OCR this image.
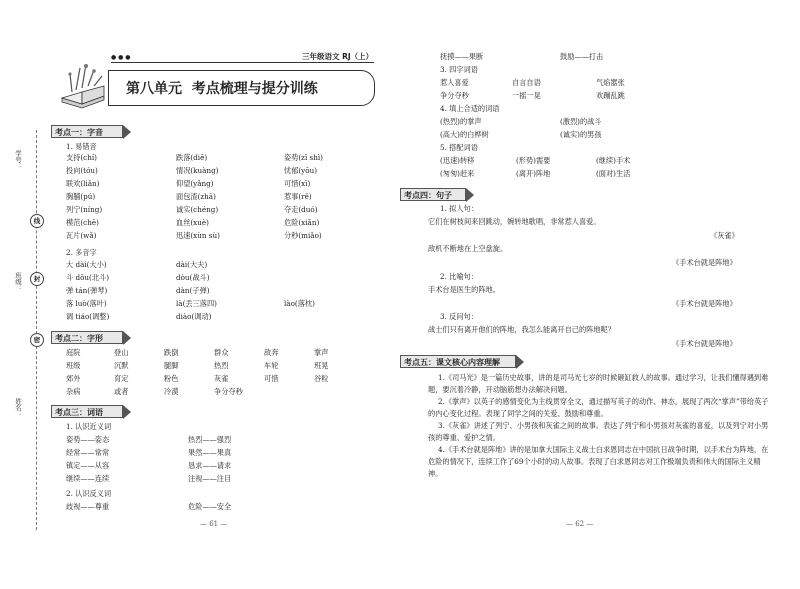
● ● ●	三年级语文 RJ（上）
第八单元  考点梳理与提分训练
线
封
密
学号：
班级：
姓名：
考点一：字音
1. 易错音
支持(chí)	跌落(diē)	姿势(zī shì)
投向(tóu)	情况(kuàng)	忧郁(yōu)
联欢(liǎn)	仰望(yǎng)	可惜(xī)
胸脯(pú)	面包渣(zhā)	惹事(rě)
列宁(níng)	诚实(chéng)	夺走(duó)
模范(chē)	血丝(xuè)	危险(xiǎn)
瓦片(wǎ)	迅速(xùn sù)	分秒(miǎo)
2. 多音字
大 dài(大小)	dài(大夫)
斗 dǒu(北斗)	dòu(战斗)
弹 tán(弹琴)	dàn(子弹)
落 luò(落叶)	là(丢三落四)	lào(落枕)
调 tiáo(调整)	diào(调动)
考点二：字形
庭院	登山	跌倒	群众	敌奔	掌声
班级	沉默	腿脚	热烈	车轮	班晃
郊外	育定	粉色	灰雀	可惜	谷粒
杂病	或者	冷漠	争分夺秒
考点三：词语
1. 认识近义词
姿势——姿态	热烈——强烈
经常——常常	果然——果真
镇定——从容	恳求——请求
继续——连续	注视——注目
2. 认识反义词
歧视——尊重	危险——安全
— 61 —
抚摸——果断	鼓励——打击
3. 四字词语
惹人喜爱	自言自语	气焰嚣张
争分夺秒	一摇一晃	欢蹦乱跳
4. 填上合适的词语
(热烈)的掌声	(激烈)的战斗
(高大)的白桦树	(诚实)的男孩
5. 搭配词语
(迅速)转移	(形势)需要	(继续)手术
(匆匆)赶来	(离开)阵地	(面对)生活
考点四：句子
1. 拟人句：
它们在树枝间来回跳动，婉转地歌唱，非常惹人喜爱。
《灰雀》
敌机不断地在上空盘旋。
《手术台就是阵地》
2. 比喻句：
手术台是医生的阵地。
《手术台就是阵地》
3. 反问句：
战士们只有离开他们的阵地，我怎么能离开自己的阵地呢？
《手术台就是阵地》
考点五：课文核心内容理解
1.《司马光》是一篇历史故事，讲的是司马光七岁的时候砸缸救人的故事。通过学习，让我们懂得遇到难题，要沉着冷静，开动脑筋想办法解决问题。
2.《掌声》以英子的感情变化为主线贯穿全文，通过描写英子的动作、神态，展现了两次“掌声”带给英子的内心变化过程。表现了同学之间的关爱、鼓励和尊重。
3.《灰雀》讲述了列宁、小男孩和灰雀之间的故事。表达了列宁和小男孩对灰雀的喜爱，以及列宁对小男孩的尊重、爱护之情。
4.《手术台就是阵地》讲的是加拿大国际主义战士白求恩同志在中国抗日战争时期，以手术台为阵地，在危险的情况下，连续工作了69个小时的动人故事。表现了白求恩同志对工作极端负责和伟大的国际主义精神。
— 62 —
